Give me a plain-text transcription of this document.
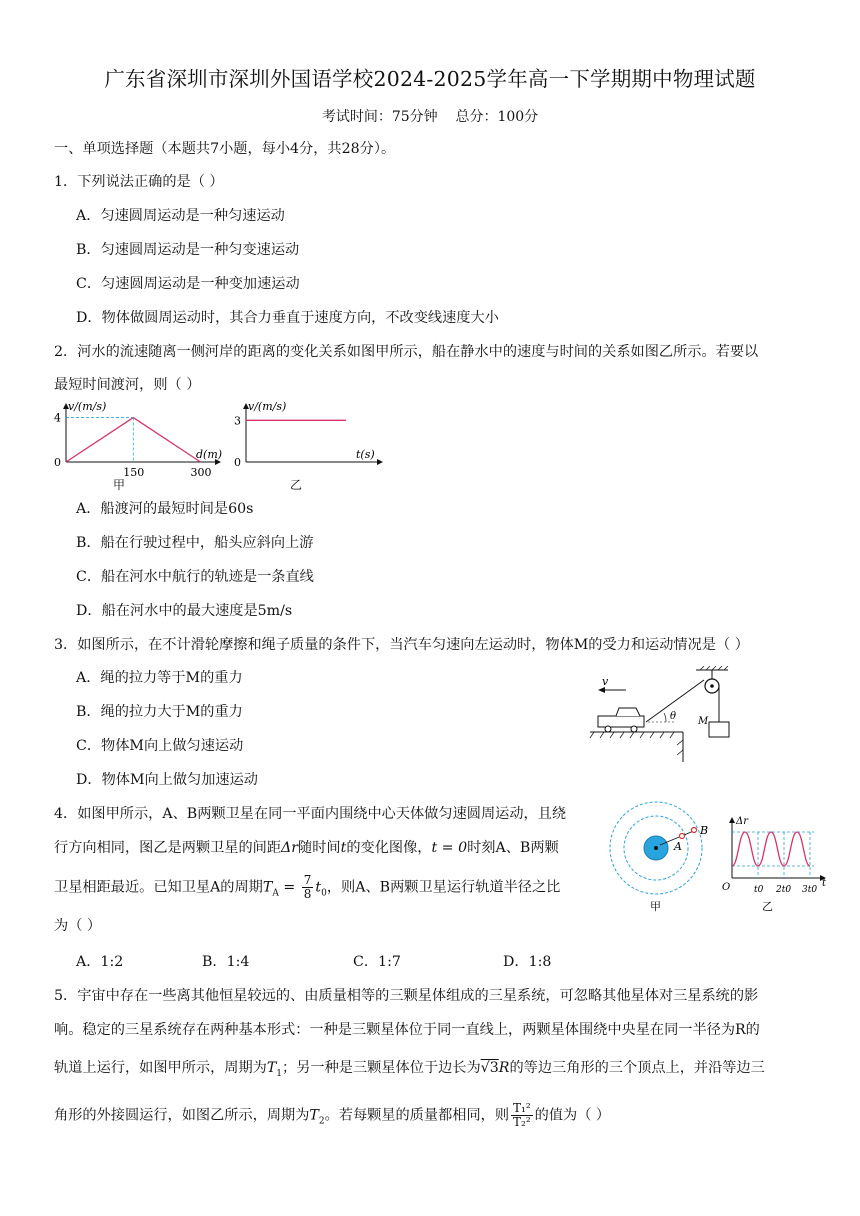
广东省深圳市深圳外国语学校2024-2025学年高一下学期期中物理试题
考试时间：75分钟    总分：100分
一、单项选择题（本题共7小题，每小4分，共28分）。
1．下列说法正确的是（ ）
A．匀速圆周运动是一种匀速运动
B．匀速圆周运动是一种匀变速运动
C．匀速圆周运动是一种变加速运动
D．物体做圆周运动时，其合力垂直于速度方向，不改变线速度大小
2．河水的流速随离一侧河岸的距离的变化关系如图甲所示，船在静水中的速度与时间的关系如图乙所示。若要以
最短时间渡河，则（ ）
v/(m/s)
d(m)
4
0
150	300
v/(m/s)
t(s)
3
0
甲	乙
A．船渡河的最短时间是60s
B．船在行驶过程中，船头应斜向上游
C．船在河水中航行的轨迹是一条直线
D．船在河水中的最大速度是5m/s
3．如图所示，在不计滑轮摩擦和绳子质量的条件下，当汽车匀速向左运动时，物体M的受力和运动情况是（ ）
A．绳的拉力等于M的重力
B．绳的拉力大于M的重力
C．物体M向上做匀速运动
D．物体M向上做匀加速运动
v
θ M
4．如图甲所示，A、B两颗卫星在同一平面内围绕中心天体做匀速圆周运动，且绕
行方向相同，图乙是两颗卫星的间距Δr随时间t的变化图像，t = 0时刻A、B两颗
卫星相距最近。已知卫星A的周期$T_A = \frac{7}{8} t_0$，则A、B两颗卫星运行轨道半径之比
为（ ）
A．1:2	B．1:4	C．1:7	D．1:8
A
B
甲
Δr
t
O	t0 2t0 3t0
乙
5．宇宙中存在一些离其他恒星较远的、由质量相等的三颗星体组成的三星系统，可忽略其他星体对三星系统的影
响。稳定的三星系统存在两种基本形式：一种是三颗星体位于同一直线上，两颗星体围绕中央星在同一半径为R的
轨道上运行，如图甲所示，周期为$T_1$；另一种是三颗星体位于边长为√3R的等边三角形的三个顶点上，并沿等边三
角形的外接圆运行，如图乙所示，周期为$T_2$。若每颗星的质量都相同，则 $\frac{\text{T₁²}}{\text{T₂²}}$ 的值为（ ）
